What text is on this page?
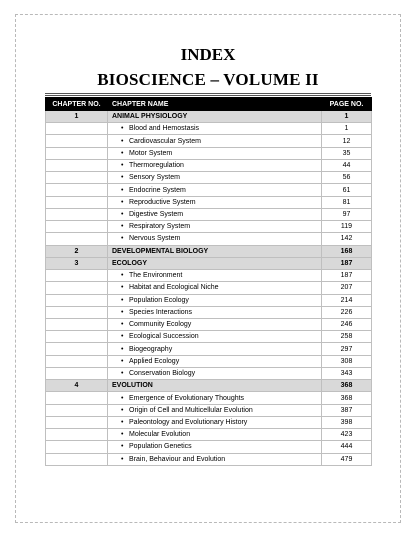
INDEX
BIOSCIENCE – VOLUME II
CHAPTER NO.	CHAPTER NAME	PAGE NO.
1	ANIMAL PHYSIOLOGY	1
	• Blood and Hemostasis	1
	• Cardiovascular System	12
	• Motor System	35
	• Thermoregulation	44
	• Sensory System	56
	• Endocrine System	61
	• Reproductive System	81
	• Digestive System	97
	• Respiratory System	119
	• Nervous System	142
2	DEVELOPMENTAL BIOLOGY	168
3	ECOLOGY	187
	• The Environment	187
	• Habitat and Ecological Niche	207
	• Population Ecology	214
	• Species Interactions	226
	• Community Ecology	246
	• Ecological Succession	258
	• Biogeography	297
	• Applied Ecology	308
	• Conservation Biology	343
4	EVOLUTION	368
	• Emergence of Evolutionary Thoughts	368
	• Origin of Cell and Multicellular Evolution	387
	• Paleontology and Evolutionary History	398
	• Molecular Evolution	423
	• Population Genetics	444
	• Brain, Behaviour and Evolution	479
